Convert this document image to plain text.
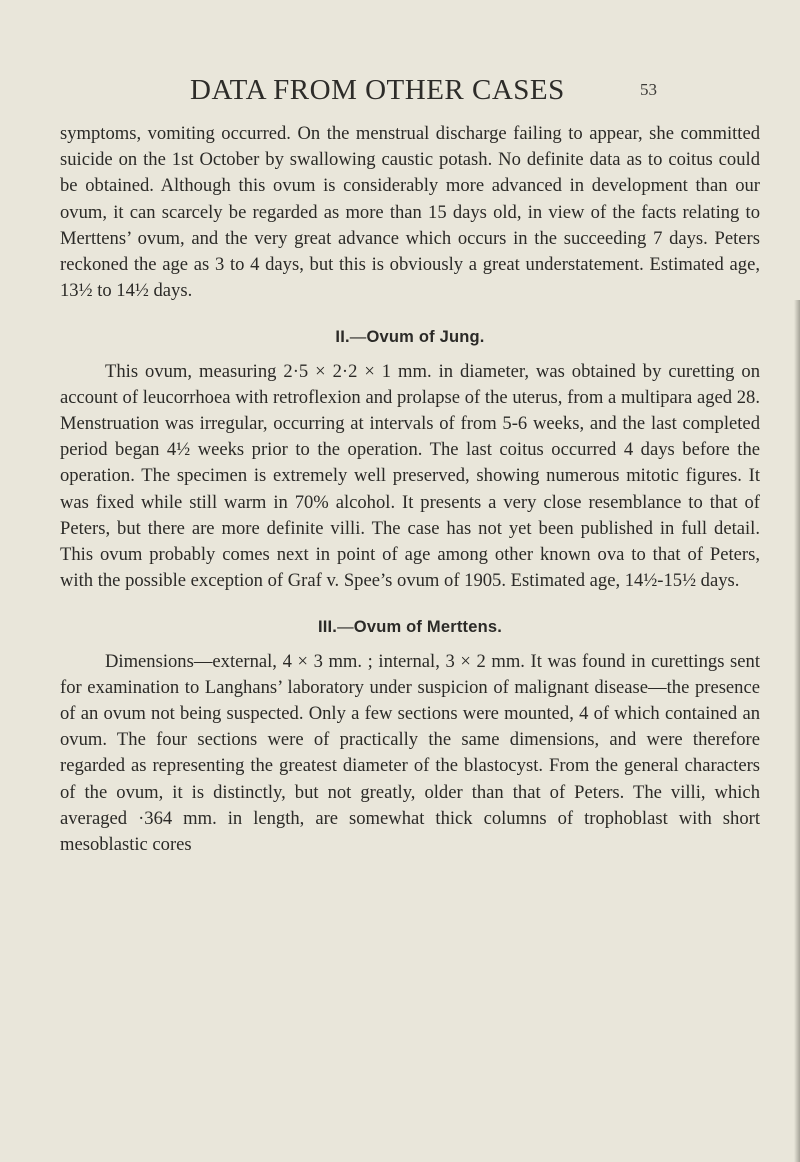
DATA FROM OTHER CASES	53

symptoms, vomiting occurred. On the menstrual discharge failing to appear, she committed suicide on the 1st October by swallowing caustic potash. No definite data as to coitus could be obtained. Although this ovum is considerably more advanced in development than our ovum, it can scarcely be regarded as more than 15 days old, in view of the facts relating to Merttens’ ovum, and the very great advance which occurs in the succeeding 7 days. Peters reckoned the age as 3 to 4 days, but this is obviously a great understatement. Estimated age, 13½ to 14½ days.

II.—Ovum of Jung.

This ovum, measuring 2·5 × 2·2 × 1 mm. in diameter, was obtained by curetting on account of leucorrhoea with retroflexion and prolapse of the uterus, from a multipara aged 28. Menstruation was irregular, occurring at intervals of from 5-6 weeks, and the last completed period began 4½ weeks prior to the operation. The last coitus occurred 4 days before the operation. The specimen is extremely well preserved, showing numerous mitotic figures. It was fixed while still warm in 70% alcohol. It presents a very close resemblance to that of Peters, but there are more definite villi. The case has not yet been published in full detail. This ovum probably comes next in point of age among other known ova to that of Peters, with the possible exception of Graf v. Spee’s ovum of 1905. Estimated age, 14½-15½ days.

III.—Ovum of Merttens.

Dimensions—external, 4 × 3 mm. ; internal, 3 × 2 mm. It was found in curettings sent for examination to Langhans’ laboratory under suspicion of malignant disease—the presence of an ovum not being suspected. Only a few sections were mounted, 4 of which contained an ovum. The four sections were of practically the same dimensions, and were therefore regarded as representing the greatest diameter of the blastocyst. From the general characters of the ovum, it is distinctly, but not greatly, older than that of Peters. The villi, which averaged ·364 mm. in length, are somewhat thick columns of trophoblast with short mesoblastic cores
